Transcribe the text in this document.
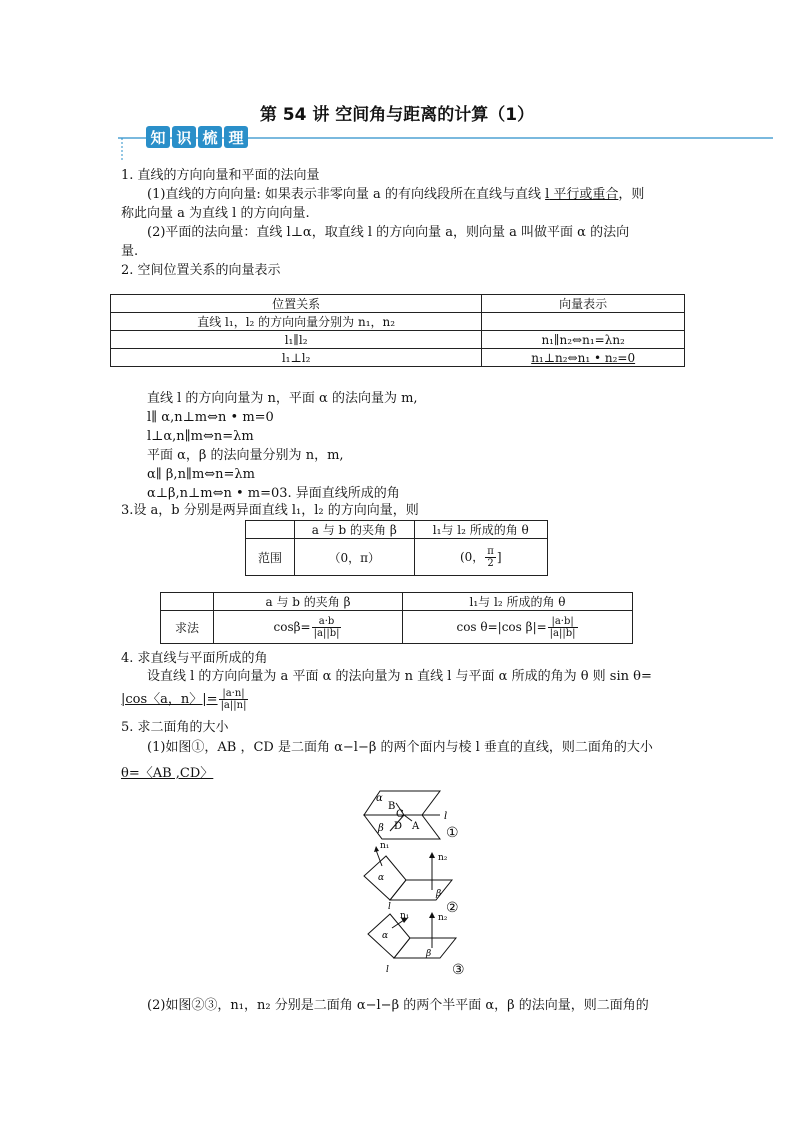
第 54 讲 空间角与距离的计算（1）
知 识 梳 理
1. 直线的方向向量和平面的法向量
(1)直线的方向向量: 如果表示非零向量 a 的有向线段所在直线与直线 l 平行或重合，则
称此向量 a 为直线 l 的方向向量.
(2)平面的法向量：直线 l⊥α，取直线 l 的方向向量 a，则向量 a 叫做平面 α 的法向
量.
2. 空间位置关系的向量表示
位置关系	向量表示
直线 l₁，l₂ 的方向向量分别为 n₁，n₂	
l₁∥l₂	n₁∥n₂⇔n₁=λn₂
l₁⊥l₂	n₁⊥n₂⇔n₁ • n₂=0
直线 l 的方向向量为 n，平面 α 的法向量为 m,
l∥ α,n⊥m⇔n • m=0
l⊥α,n∥m⇔n=λm
平面 α，β 的法向量分别为 n，m,
α∥ β,n∥m⇔n=λm
α⊥β,n⊥m⇔n • m=03. 异面直线所成的角
3.设 a，b 分别是两异面直线 l₁，l₂ 的方向向量，则
	a 与 b 的夹角 β	l₁与 l₂ 所成的角 θ
范围	（0，π）	(0， $\frac{\pi}{2}$ ]
	a 与 b 的夹角 β	l₁与 l₂ 所成的角 θ
求法	$\cos\beta= \frac{a\cdot b}{|a||b|}$	cos θ=|cos $\beta|= \frac{|a\cdot b|}{|a||b|}$
4. 求直线与平面所成的角
设直线 l 的方向向量为 a 平面 α 的法向量为 n 直线 l 与平面 α 所成的角为 θ 则 sin θ=
|cos〈a，n〉|= $\frac{|a\cdot n|}{|a||n|}$
5. 求二面角的大小
(1)如图①，AB ，CD 是二面角 α−l−β 的两个面内与棱 l 垂直的直线，则二面角的大小
θ=〈AB ,CD〉
α
B
C
β D A
l
①
n₁
n₂
α
β
l	②
n₁	n₂
α
β
l	③
(2)如图②③，n₁，n₂ 分别是二面角 α−l−β 的两个半平面 α，β 的法向量，则二面角的
